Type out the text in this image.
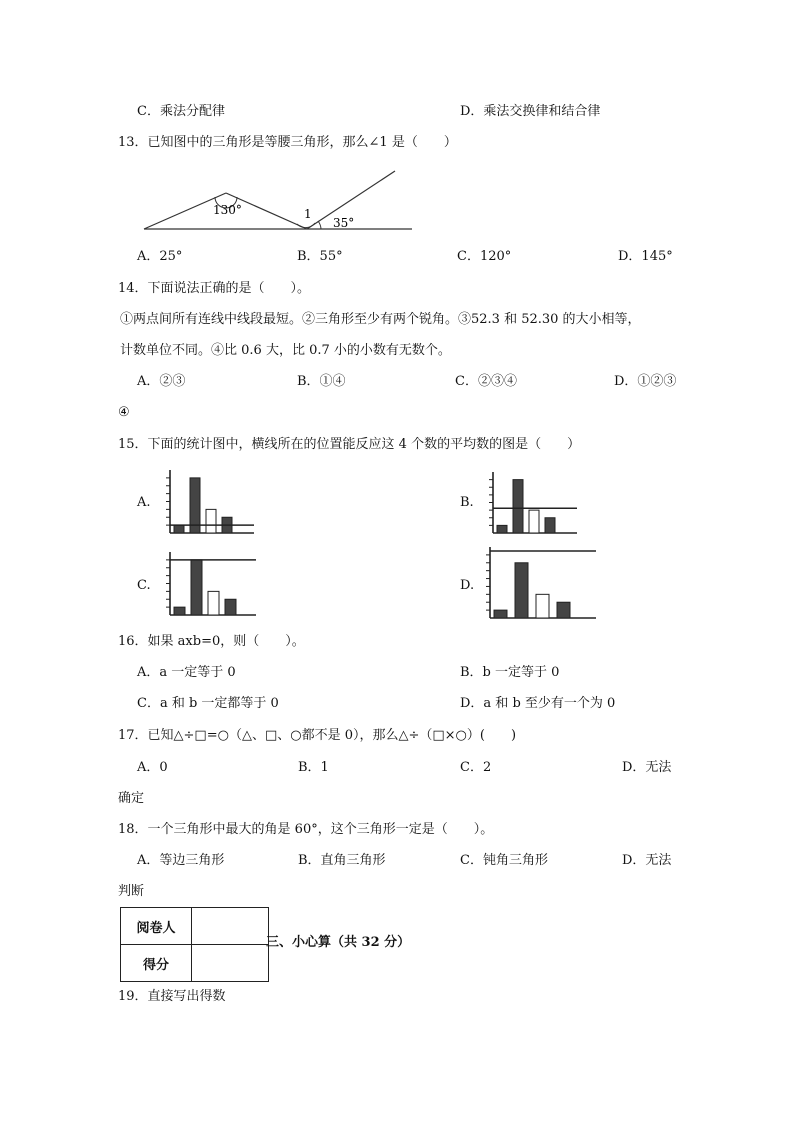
C．乘法分配律	D．乘法交换律和结合律
13．已知图中的三角形是等腰三角形，那么∠1 是（　　）
130°	1
35°
A．25°	B．55°	C．120°	D．145°
14．下面说法正确的是（　　）。
①两点间所有连线中线段最短。②三角形至少有两个锐角。③52.3 和 52.30 的大小相等，
计数单位不同。④比 0.6 大，比 0.7 小的小数有无数个。
A．②③	B．①④	C．②③④	D．①②③
④
15．下面的统计图中，横线所在的位置能反应这 4 个数的平均数的图是（　　）
A.	B.
C.	D.
16．如果 axb=0，则（　　）。
A．a 一定等于 0	B．b 一定等于 0
C．a 和 b 一定都等于 0	D．a 和 b 至少有一个为 0
17．已知△÷□=○（△、□、○都不是 0），那么△÷（□×○）(　　)
A．0	B．1	C．2	D．无法
确定
18．一个三角形中最大的角是 60°，这个三角形一定是（　　）。
A．等边三角形	B．直角三角形	C．钝角三角形	D．无法
判断
阅卷人	
得分	
三、小心算（共 32 分）
19．直接写出得数
